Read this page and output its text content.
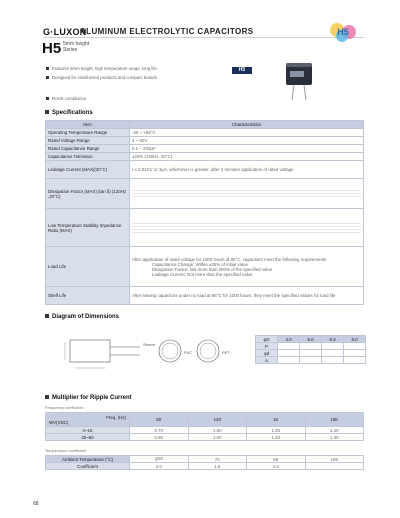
G·LUXON
ALUMINUM ELECTROLYTIC CAPACITORS	H5
H5 5mm height
Series
Features 5mm height, high temperature range, long life
Designed for small-sized products and compact boards
RoHS compliance
H5
Specifications
Item	Characteristics
Operating Temperature Range	-40 ~ +85°C
Rated Voltage Range	4 ~ 50V
Rated Capacitance Range	0.1 ~ 220μF
Capacitance Tolerance	±20% (120Hz, 20°C)
Leakage Current (MAX)(20°C)	I ≤ 0.01CV or 3μA, whichever is greater, after 2 minutes application of rated voltage
Dissipation Factor (MAX) (tan δ) (120Hz ,20°C)	

Low Temperature Stability Impedance Ratio (MAX)	

Load Life	After application of rated voltage for 1000 hours at 85°C, capacitors meet the following requirements
Capacitance Change: Within ±20% of initial value
Dissipation Factor: Not more than 200% of the specified value
Leakage Current: Not more than the specified value

Shelf Life	After leaving capacitors under no load at 85°C for 1000 hours, they meet the specified values for load life
Diagram of Dimensions
Sleeve
PVC	PET
φD	4.0	5.0	6.3	8.0
P				
φd				
a				
Multiplier for Ripple Current
Frequency coefficient
Freq. (Hz)
WV(VDC)	50	120	1K	10K
4~16	0.70	1.00	1.30	1.40
25~50	0.80	1.00	1.20	1.30
Temperature coefficient
Ambient Temperature (°C)	≦50	70	85	105
Coefficient	2.0	1.8	1.0	
68
